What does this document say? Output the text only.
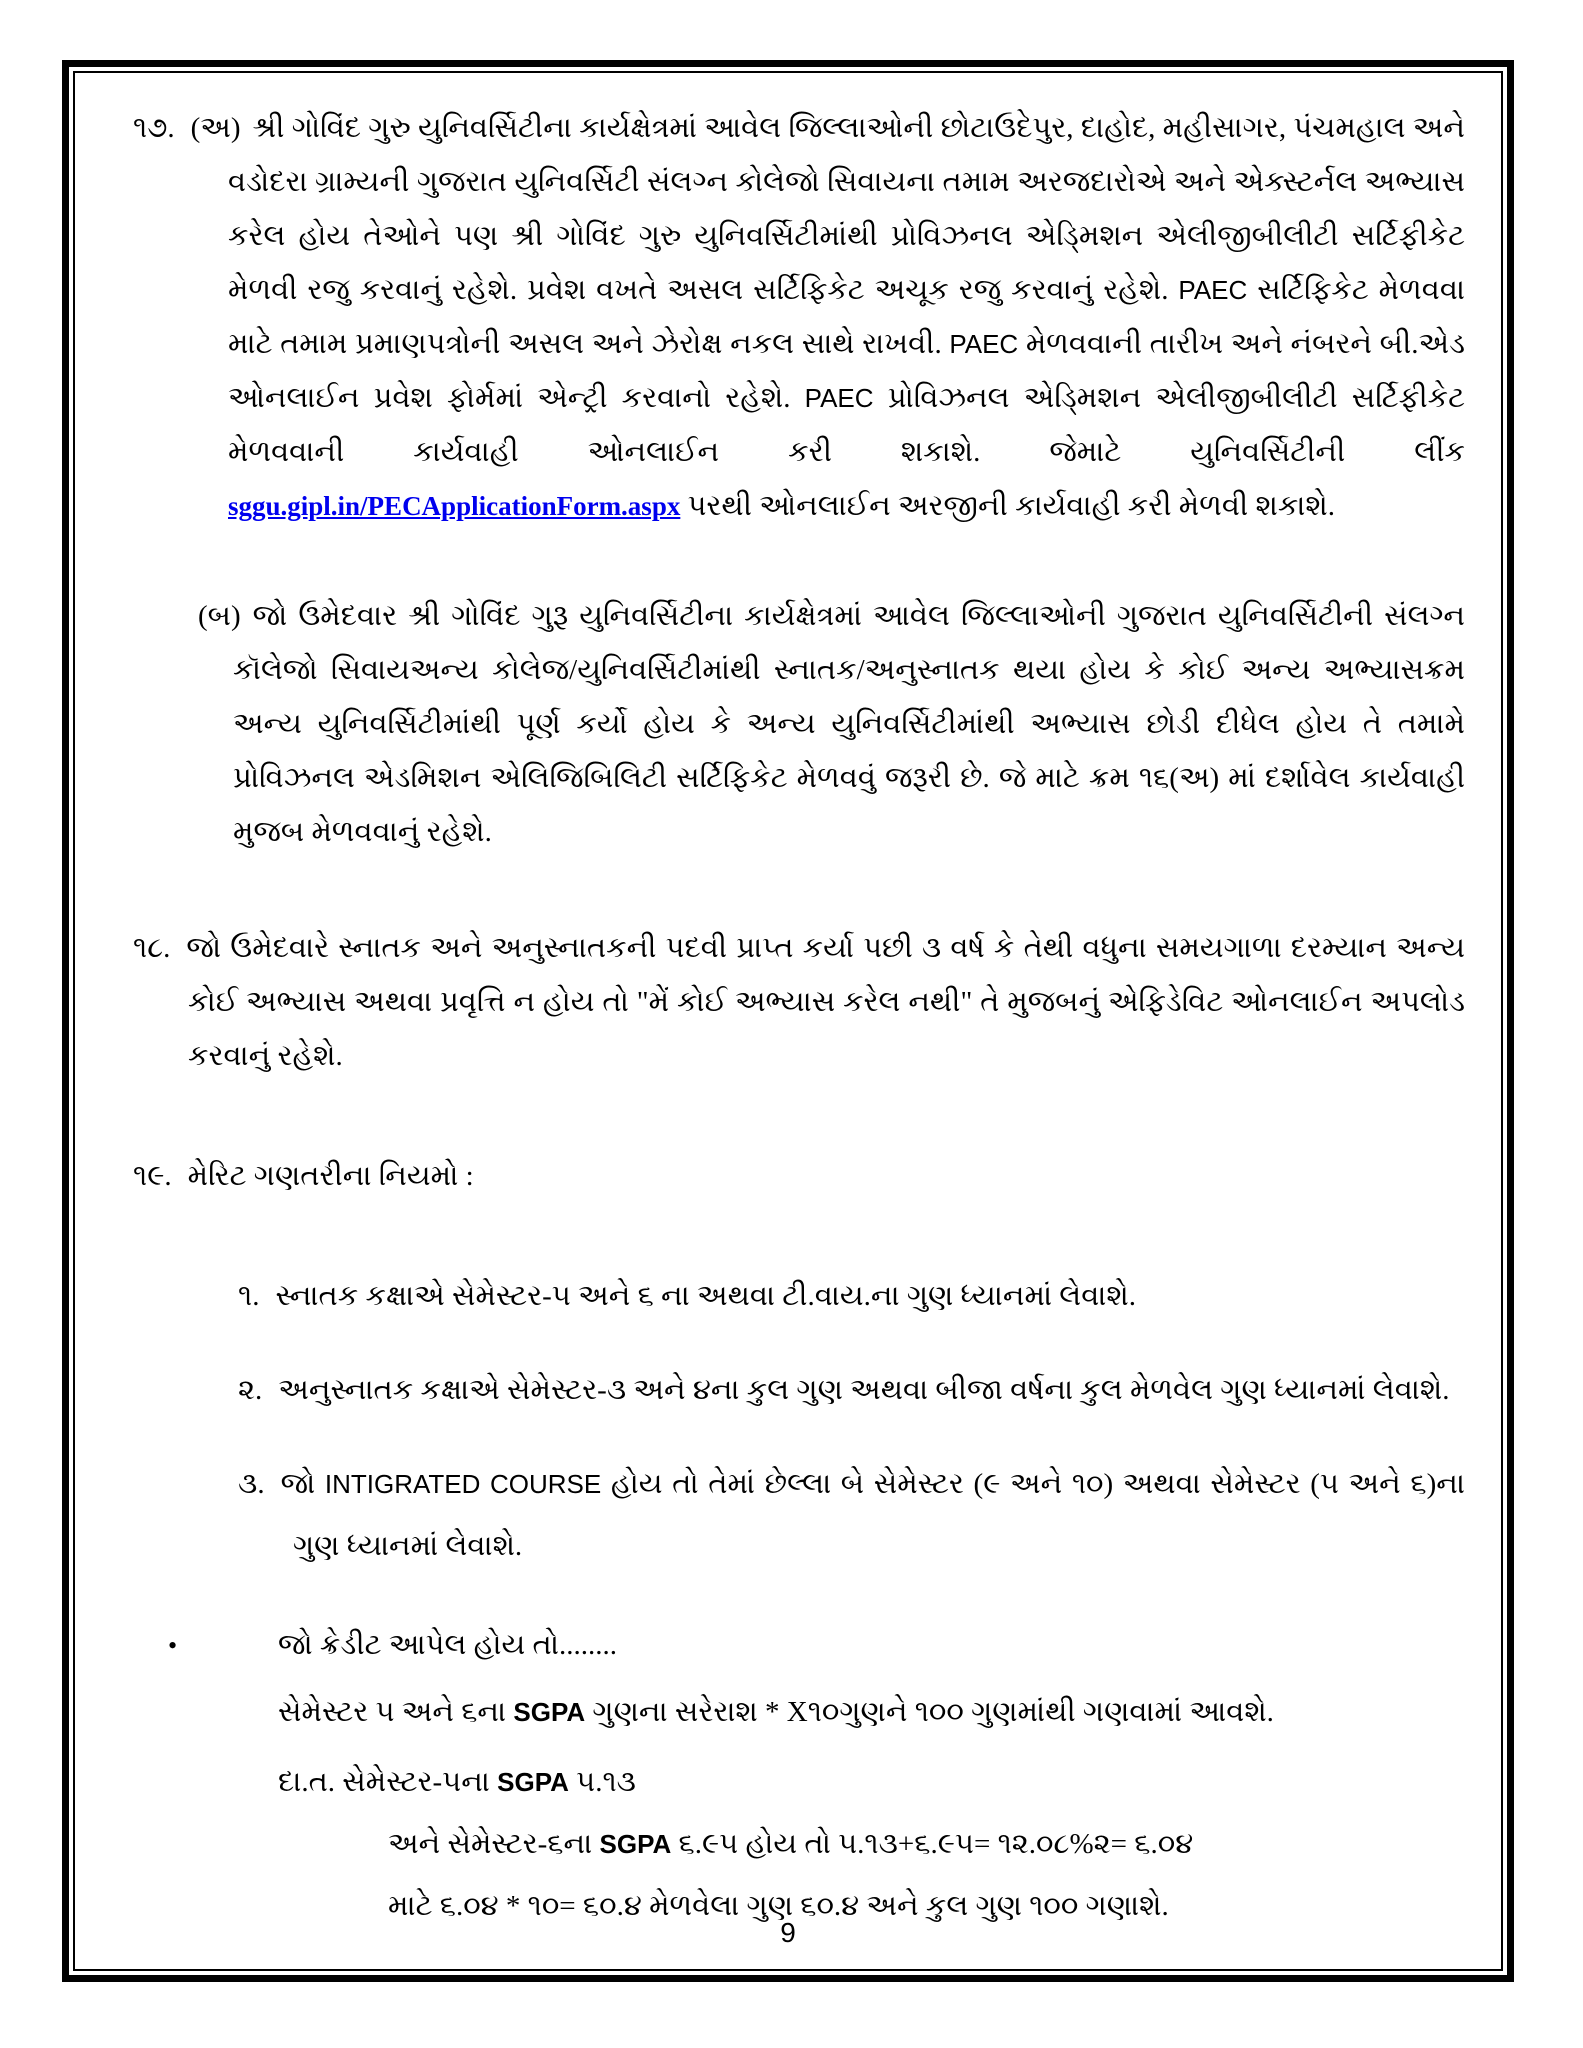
૧૭. (અ) શ્રી ગોવિંદ ગુરુ યુનિવર્સિટીના કાર્યક્ષેત્રમાં આવેલ જિલ્લાઓની છોટાઉદેપુર, દાહોદ, મહીસાગર, પંચમહાલ અને વડોદરા ગ્રામ્યની ગુજરાત યુનિવર્સિટી સંલગ્ન કોલેજો સિવાયના તમામ અરજદારોએ અને એક્સ્ટર્નલ અભ્યાસ કરેલ હોય તેઓને પણ શ્રી ગોવિંદ ગુરુ યુનિવર્સિટીમાંથી પ્રોવિઝનલ એડ્મિશન એલીજીબીલીટી સર્ટિફીકેટ મેળવી રજુ કરવાનું રહેશે. પ્રવેશ વખતે અસલ સર્ટિફિકેટ અચૂક રજુ કરવાનું રહેશે. PAEC સર્ટિફિકેટ મેળવવા માટે તમામ પ્રમાણપત્રોની અસલ અને ઝેરોક્ષ નકલ સાથે રાખવી. PAEC મેળવવાની તારીખ અને નંબરને બી.એડ ઓનલાઈન પ્રવેશ ફોર્મમાં એન્ટ્રી કરવાનો રહેશે. PAEC પ્રોવિઝનલ એડ્મિશન એલીજીબીલીટી સર્ટિફીકેટ મેળવવાની કાર્યવાહી ઓનલાઈન કરી શકાશે. જેમાટે યુનિવર્સિટીની લીંક sggu.gipl.in/PECApplicationForm.aspx પરથી ઓનલાઈન અરજીની કાર્યવાહી કરી મેળવી શકાશે.

(બ) જો ઉમેદવાર શ્રી ગોવિંદ ગુરૂ યુનિવર્સિટીના કાર્યક્ષેત્રમાં આવેલ જિલ્લાઓની ગુજરાત યુનિવર્સિટીની સંલગ્ન કૉલેજો સિવાયઅન્ય કોલેજ/યુનિવર્સિટીમાંથી સ્નાતક/અનુસ્નાતક થયા હોય કે કોઈ અન્ય અભ્યાસક્રમ અન્ય યુનિવર્સિટીમાંથી પૂર્ણ કર્યો હોય કે અન્ય યુનિવર્સિટીમાંથી અભ્યાસ છોડી દીધેલ હોય તે તમામે પ્રોવિઝનલ એડમિશન એલિજિબિલિટી સર્ટિફિકેટ મેળવવું જરૂરી છે. જે માટે ક્રમ ૧૬(અ) માં દર્શાવેલ કાર્યવાહી મુજબ મેળવવાનું રહેશે.

૧૮. જો ઉમેદવારે સ્નાતક અને અનુસ્નાતકની પદવી પ્રાપ્ત કર્યા પછી ૩ વર્ષ કે તેથી વધુના સમયગાળા દરમ્યાન અન્ય કોઈ અભ્યાસ અથવા પ્રવૃત્તિ ન હોય તો "મેં કોઈ અભ્યાસ કરેલ નથી" તે મુજબનું એફિડેવિટ ઓનલાઈન અપલોડ કરવાનું રહેશે.

૧૯. મેરિટ ગણતરીના નિયમો :

૧. સ્નાતક કક્ષાએ સેમેસ્ટર-૫ અને ૬ ના અથવા ટી.વાય.ના ગુણ ધ્યાનમાં લેવાશે.

૨. અનુસ્નાતક કક્ષાએ સેમેસ્ટર-૩ અને ૪ના કુલ ગુણ અથવા બીજા વર્ષના કુલ મેળવેલ ગુણ ધ્યાનમાં લેવાશે.

૩. જો INTIGRATED COURSE હોય તો તેમાં છેલ્લા બે સેમેસ્ટર (૯ અને ૧૦) અથવા સેમેસ્ટર (૫ અને ૬)ના ગુણ ધ્યાનમાં લેવાશે.

•	જો ક્રેડીટ આપેલ હોય તો........

સેમેસ્ટર ૫ અને ૬ના SGPA ગુણના સરેરાશ * X૧૦ગુણને ૧૦૦ ગુણમાંથી ગણવામાં આવશે.

દા.ત. સેમેસ્ટર-૫ના SGPA ૫.૧૩

અને સેમેસ્ટર-૬ના SGPA ૬.૯૫ હોય તો ૫.૧૩+૬.૯૫= ૧૨.૦૮%૨= ૬.૦૪

માટે ૬.૦૪ * ૧૦= ૬૦.૪ મેળવેલા ગુણ ૬૦.૪ અને કુલ ગુણ ૧૦૦ ગણાશે.

9
